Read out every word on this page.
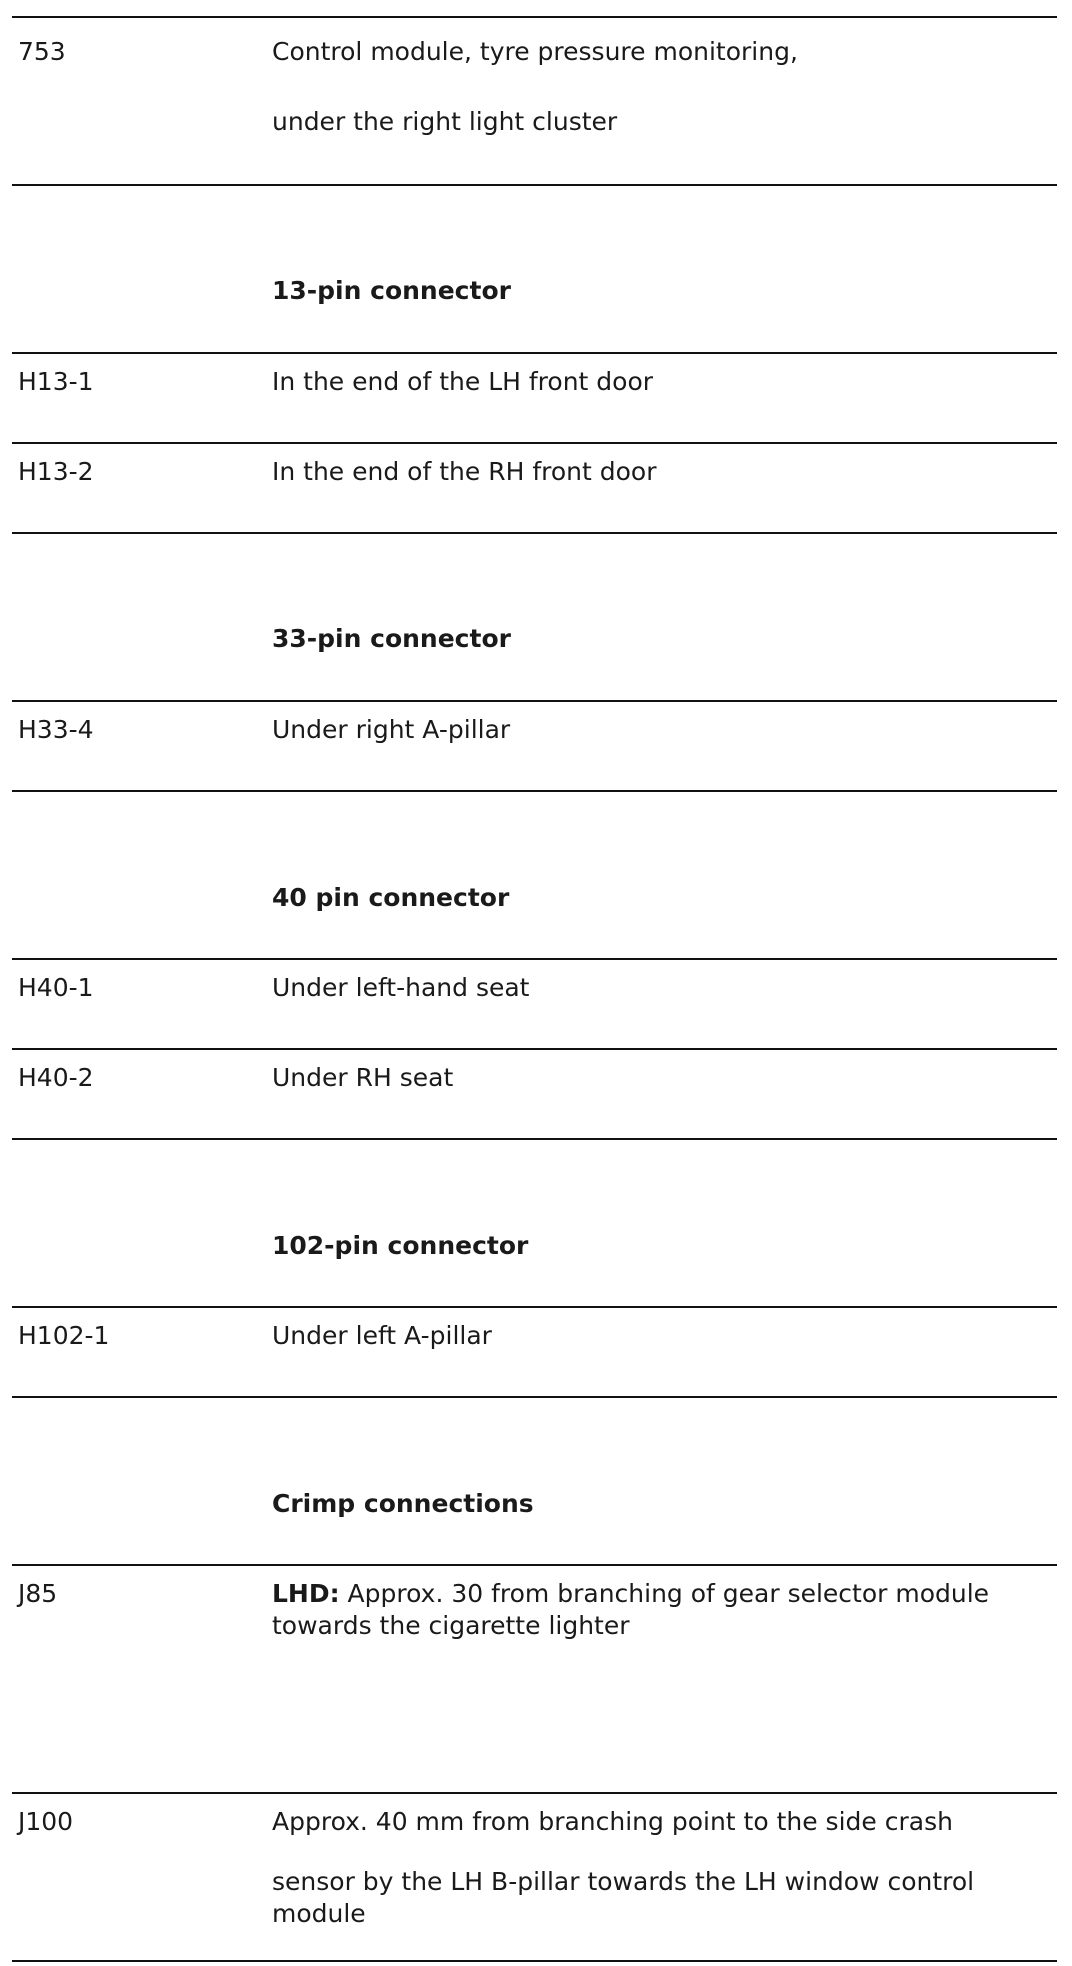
753	Control module, tyre pressure monitoring,
under the right light cluster
13-pin connector
H13-1	In the end of the LH front door
H13-2	In the end of the RH front door
33-pin connector
H33-4	Under right A-pillar
40 pin connector
H40-1	Under left-hand seat
H40-2	Under RH seat
102-pin connector
H102-1	Under left A-pillar
Crimp connections
J85	LHD: Approx. 30 from branching of gear selector module
towards the cigarette lighter
J100	Approx. 40 mm from branching point to the side crash
sensor by the LH B-pillar towards the LH window control
module
